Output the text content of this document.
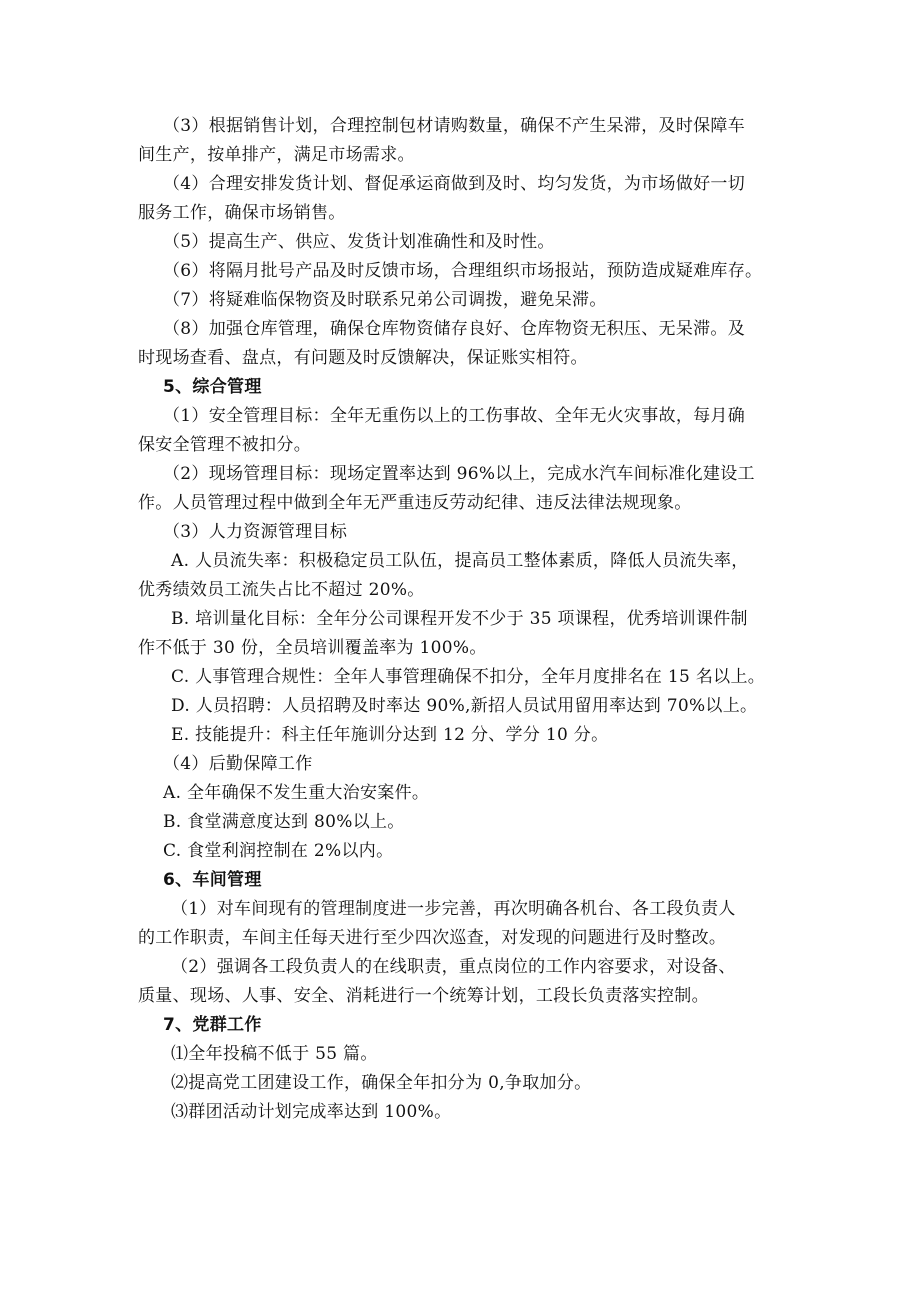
（3）根据销售计划，合理控制包材请购数量，确保不产生呆滞，及时保障车
间生产，按单排产，满足市场需求。
（4）合理安排发货计划、督促承运商做到及时、均匀发货，为市场做好一切
服务工作，确保市场销售。
（5）提高生产、供应、发货计划准确性和及时性。
（6）将隔月批号产品及时反馈市场，合理组织市场报站，预防造成疑难库存。
（7）将疑难临保物资及时联系兄弟公司调拨，避免呆滞。
（8）加强仓库管理，确保仓库物资储存良好、仓库物资无积压、无呆滞。及
时现场查看、盘点，有问题及时反馈解决，保证账实相符。
5、综合管理
（1）安全管理目标：全年无重伤以上的工伤事故、全年无火灾事故，每月确
保安全管理不被扣分。
（2）现场管理目标：现场定置率达到 96%以上，完成水汽车间标准化建设工
作。人员管理过程中做到全年无严重违反劳动纪律、违反法律法规现象。
（3）人力资源管理目标
A. 人员流失率：积极稳定员工队伍，提高员工整体素质，降低人员流失率，
优秀绩效员工流失占比不超过 20%。
B. 培训量化目标：全年分公司课程开发不少于 35 项课程，优秀培训课件制
作不低于 30 份，全员培训覆盖率为 100%。
C. 人事管理合规性：全年人事管理确保不扣分，全年月度排名在 15 名以上。
D. 人员招聘：人员招聘及时率达 90%,新招人员试用留用率达到 70%以上。
E. 技能提升：科主任年施训分达到 12 分、学分 10 分。
（4）后勤保障工作
A. 全年确保不发生重大治安案件。
B. 食堂满意度达到 80%以上。
C. 食堂利润控制在 2%以内。
6、车间管理
（1）对车间现有的管理制度进一步完善，再次明确各机台、各工段负责人
的工作职责，车间主任每天进行至少四次巡查，对发现的问题进行及时整改。
（2）强调各工段负责人的在线职责，重点岗位的工作内容要求，对设备、
质量、现场、人事、安全、消耗进行一个统筹计划，工段长负责落实控制。
7、党群工作
⑴全年投稿不低于 55 篇。
⑵提高党工团建设工作，确保全年扣分为 0,争取加分。
⑶群团活动计划完成率达到 100%。
